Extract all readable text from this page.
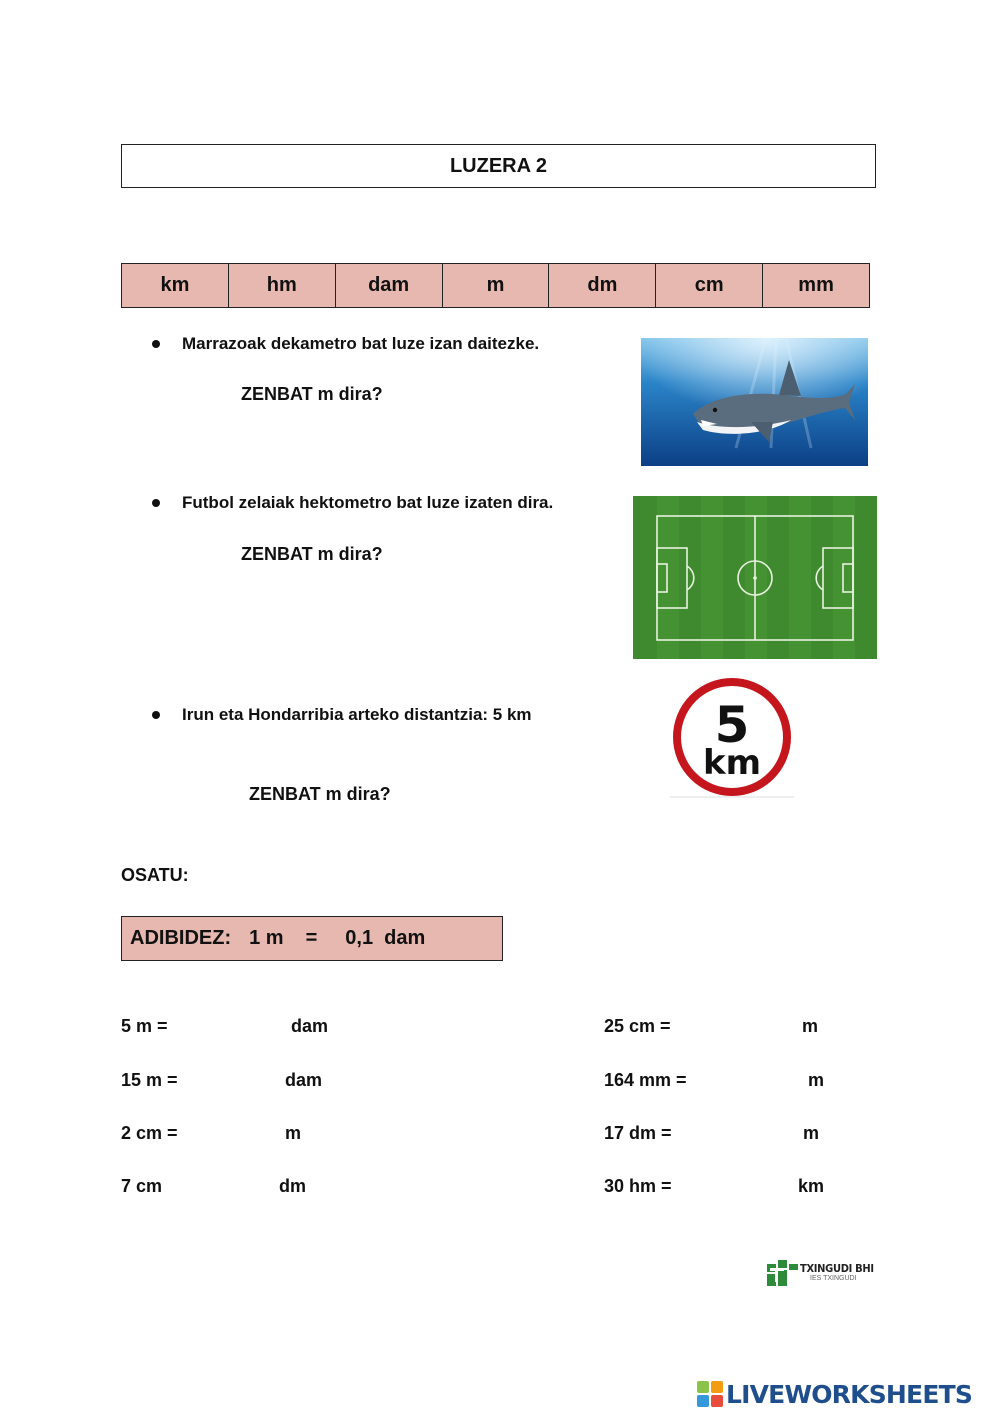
LUZERA 2
km	hm	dam	m	dm	cm	mm
Marrazoak dekametro bat luze izan daitezke.
ZENBAT m dira?
Futbol zelaiak hektometro bat luze izaten dira.
ZENBAT m dira?
Irun eta Hondarribia arteko distantzia: 5 km
ZENBAT m dira?
5
km
OSATU:
ADIBIDEZ: 1 m = 0,1  dam
5 m =	dam
15 m =	dam
2 cm =	m
7 cm	dm
25 cm =	m
164 mm =	m
17 dm =	m
30 hm =	km
TXINGUDI BHI
IES TXINGUDI
LIVEWORKSHEETS
